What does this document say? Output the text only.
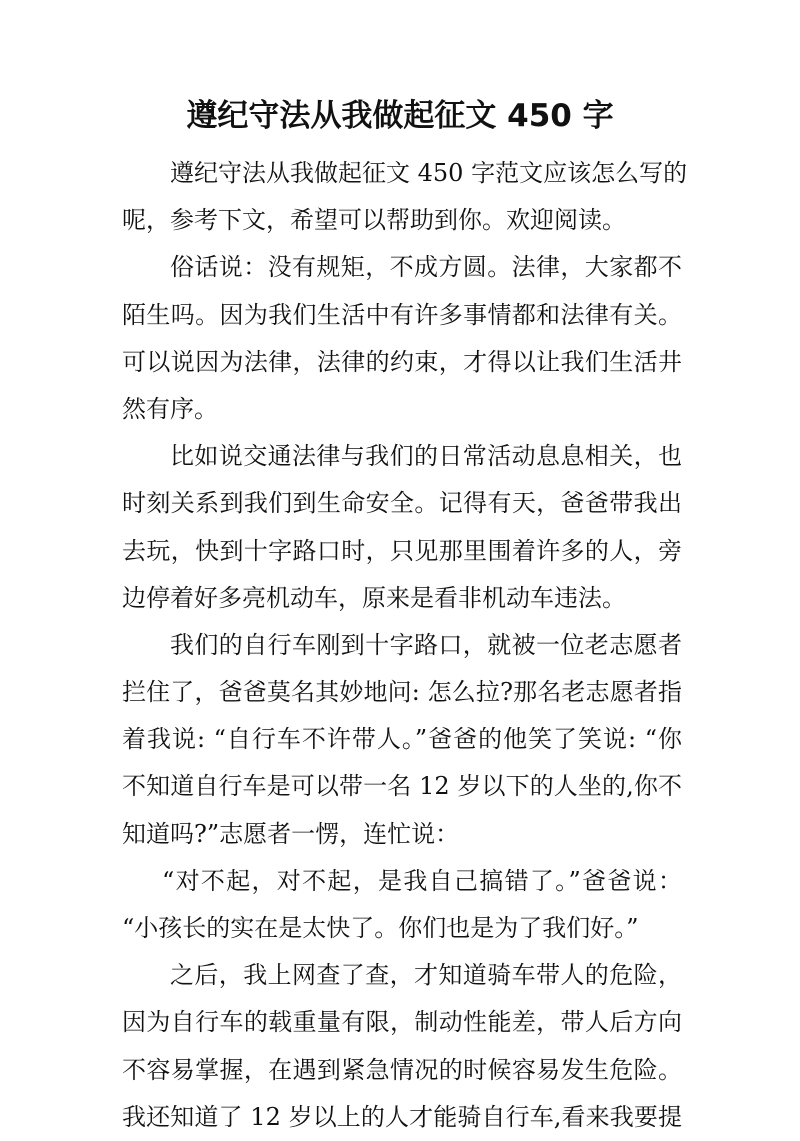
遵纪守法从我做起征文 450 字
遵纪守法从我做起征文 450 字范文应该怎么写的
呢，参考下文，希望可以帮助到你。欢迎阅读。
俗话说：没有规矩，不成方圆。法律，大家都不
陌生吗。因为我们生活中有许多事情都和法律有关。
可以说因为法律，法律的约束，才得以让我们生活井
然有序。
比如说交通法律与我们的日常活动息息相关，也
时刻关系到我们到生命安全。记得有天，爸爸带我出
去玩，快到十字路口时，只见那里围着许多的人，旁
边停着好多亮机动车，原来是看非机动车违法。
我们的自行车刚到十字路口，就被一位老志愿者
拦住了，爸爸莫名其妙地问: 怎么拉?那名老志愿者指
着我说: “自行车不许带人。”爸爸的他笑了笑说: “你
不知道自行车是可以带一名 12 岁以下的人坐的,你不
知道吗?”志愿者一愣，连忙说：
“对不起，对不起，是我自己搞错了。”爸爸说：
“小孩长的实在是太快了。你们也是为了我们好。”
之后，我上网查了查，才知道骑车带人的危险，
因为自行车的载重量有限，制动性能差，带人后方向
不容易掌握，在遇到紧急情况的时候容易发生危险。
我还知道了 12 岁以上的人才能骑自行车,看来我要提
